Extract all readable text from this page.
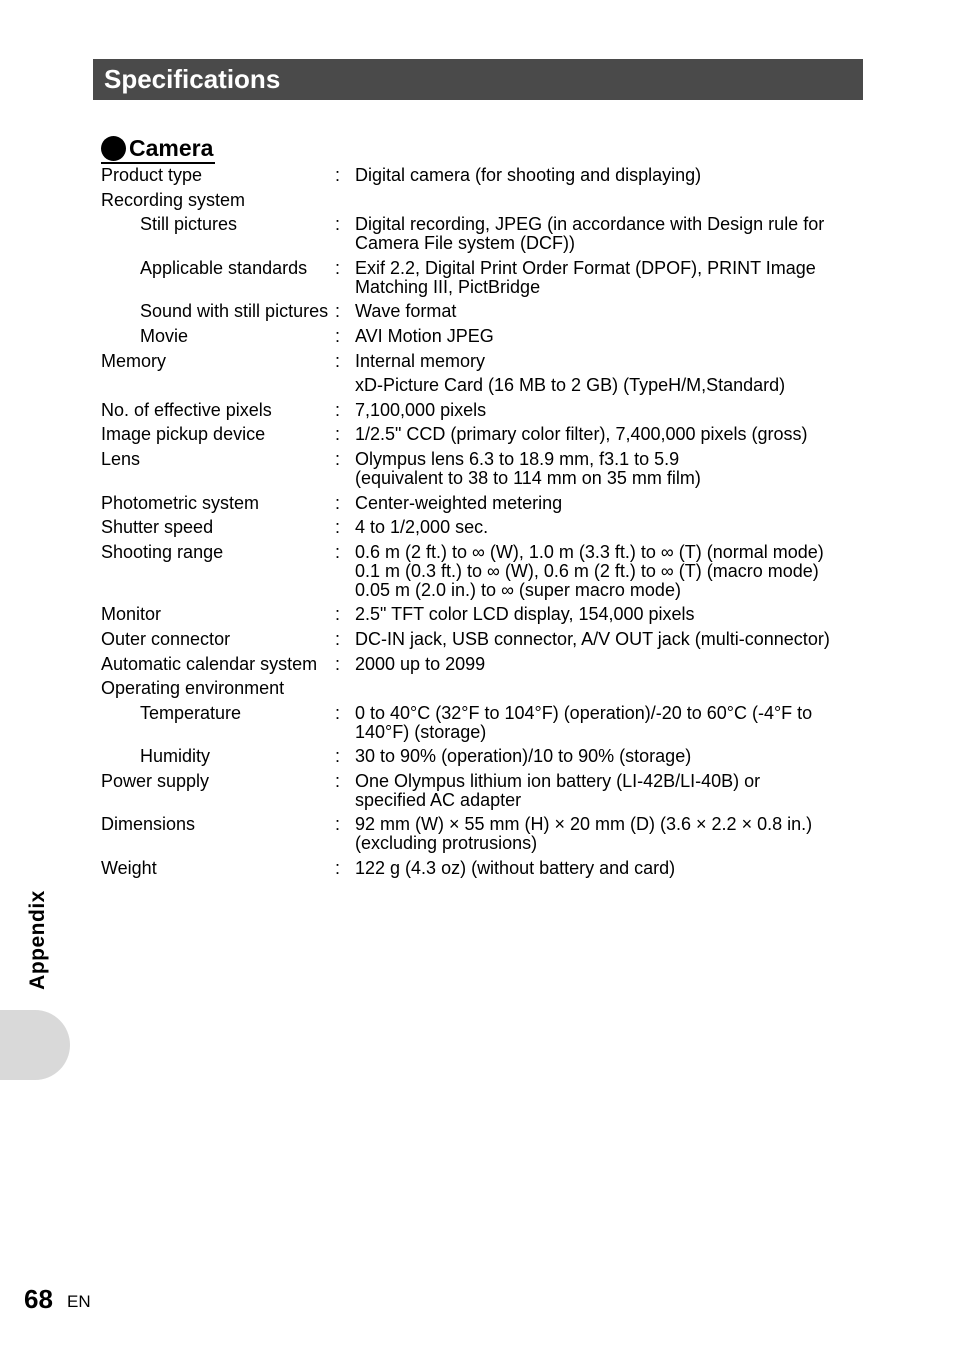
Specifications
Camera
Product type	: Digital camera (for shooting and displaying)
Recording system
Still pictures	: Digital recording, JPEG (in accordance with Design rule for
Camera File system (DCF))
Applicable standards	: Exif 2.2, Digital Print Order Format (DPOF), PRINT Image
Matching III, PictBridge
Sound with still pictures : Wave format
Movie	: AVI Motion JPEG
Memory	: Internal memory
xD-Picture Card (16 MB to 2 GB) (TypeH/M,Standard)
No. of effective pixels	: 7,100,000 pixels
Image pickup device	: 1/2.5" CCD (primary color filter), 7,400,000 pixels (gross)
Lens	: Olympus lens 6.3 to 18.9 mm, f3.1 to 5.9
(equivalent to 38 to 114 mm on 35 mm film)
Photometric system	: Center-weighted metering
Shutter speed	: 4 to 1/2,000 sec.
Shooting range	: 0.6 m (2 ft.) to ∞ (W), 1.0 m (3.3 ft.) to ∞ (T) (normal mode)
0.1 m (0.3 ft.) to ∞ (W), 0.6 m (2 ft.) to ∞ (T) (macro mode)
0.05 m (2.0 in.) to ∞ (super macro mode)
Monitor	: 2.5" TFT color LCD display, 154,000 pixels
Outer connector	: DC-IN jack, USB connector, A/V OUT jack (multi-connector)
Automatic calendar system : 2000 up to 2099
Operating environment
Temperature	: 0 to 40°C (32°F to 104°F) (operation)/-20 to 60°C (-4°F to
140°F) (storage)
Humidity	: 30 to 90% (operation)/10 to 90% (storage)
Power supply	: One Olympus lithium ion battery (LI-42B/LI-40B) or
specified AC adapter
Dimensions	: 92 mm (W) × 55 mm (H) × 20 mm (D) (3.6 × 2.2 × 0.8 in.)
(excluding protrusions)
Weight	: 122 g (4.3 oz) (without battery and card)
Appendix
68 EN
